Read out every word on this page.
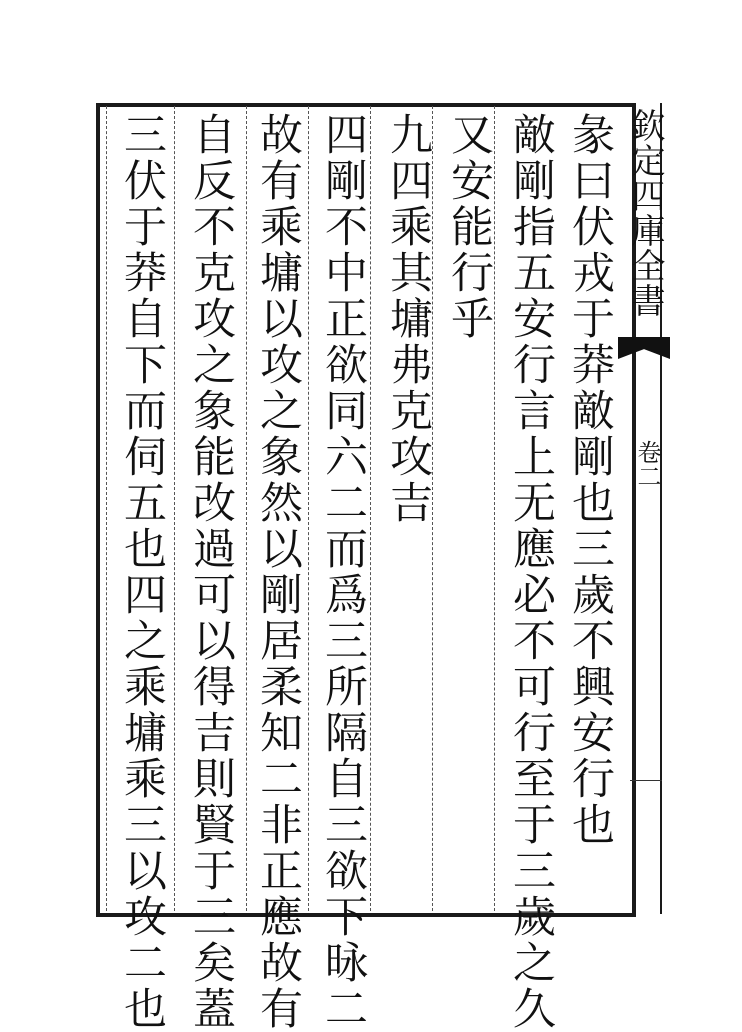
欽定四庫全書
卷二
彖曰伏戎于莽敵剛也三歲不興安行也
敵剛指五安行言上无應必不可行至于三歲之久
又安能行乎
九四乘其墉弗克攻吉
四剛不中正欲同六二而爲三所隔自三欲下昹二
故有乘墉以攻之象然以剛居柔知二非正應故有
自反不克攻之象能改過可以得吉則賢于三矣蓋
三伏于莽自下而伺五也四之乘墉乘三以攻二也
